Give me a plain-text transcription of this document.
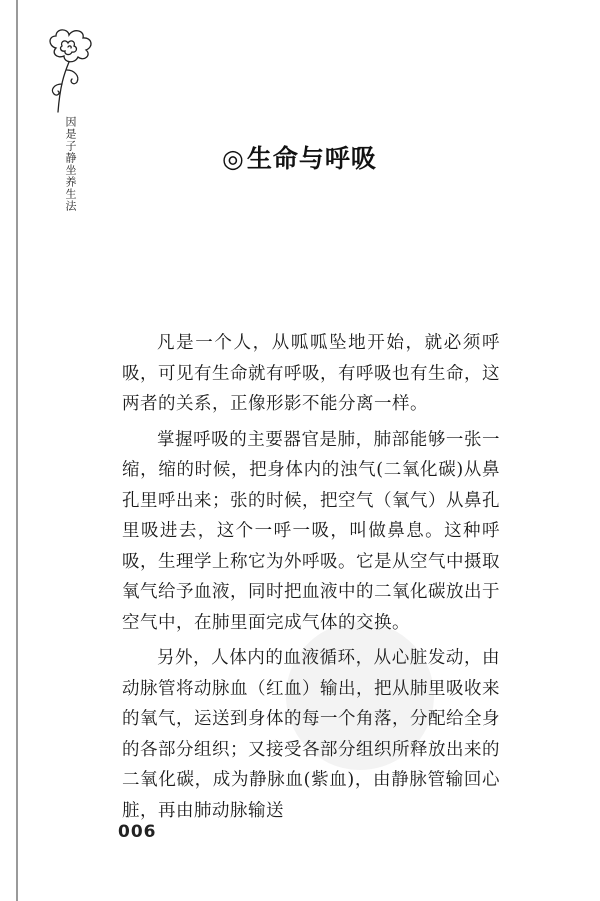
因是子静坐养生法	◎生命与呼吸

凡是一个人，从呱呱坠地开始，就必须呼吸，可见有生命就有呼吸，有呼吸也有生命，这两者的关系，正像形影不能分离一样。

掌握呼吸的主要器官是肺，肺部能够一张一缩，缩的时候，把身体内的浊气(二氧化碳)从鼻孔里呼出来；张的时候，把空气（氧气）从鼻孔里吸进去，这个一呼一吸，叫做鼻息。这种呼吸，生理学上称它为外呼吸。它是从空气中摄取氧气给予血液，同时把血液中的二氧化碳放出于空气中，在肺里面完成气体的交换。

另外，人体内的血液循环，从心脏发动，由动脉管将动脉血（红血）输出，把从肺里吸收来的氧气，运送到身体的每一个角落，分配给全身的各部分组织；又接受各部分组织所释放出来的二氧化碳，成为静脉血(紫血)，由静脉管输回心脏，再由肺动脉输送

006
